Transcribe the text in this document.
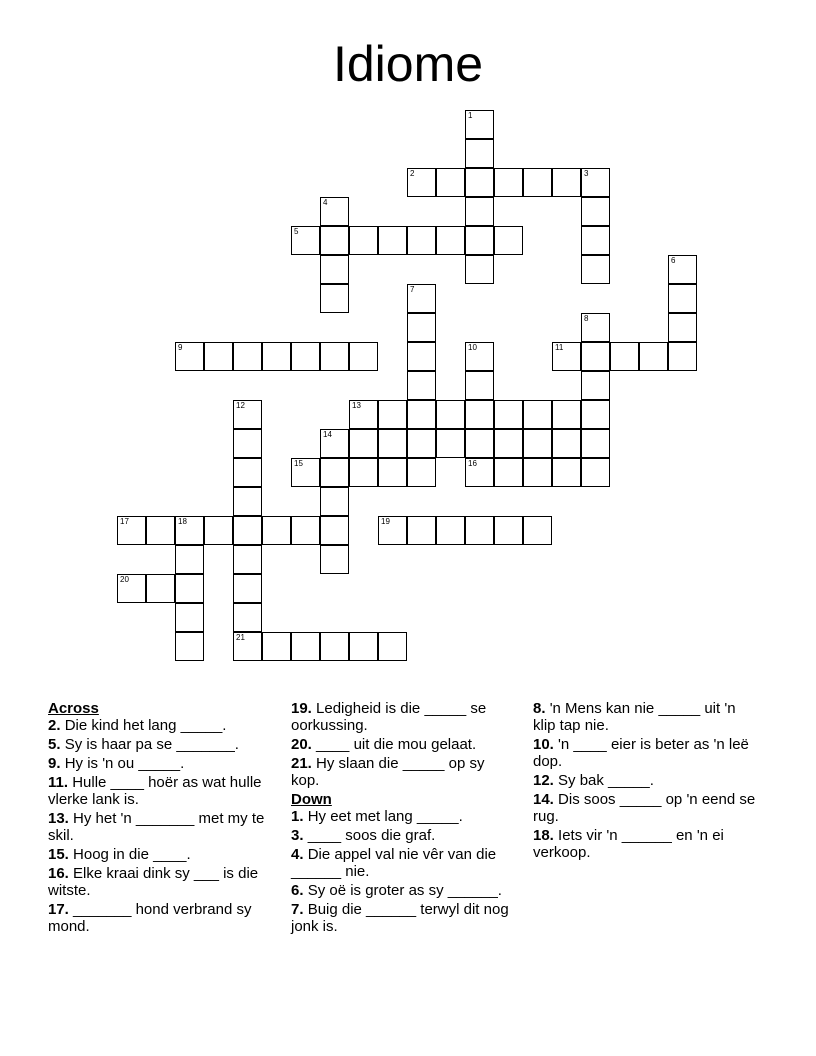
Idiome
1
2	3
4
5
6
7
8
9	10
16
11
12
21
13
14
15
17	18	19
20
Across
2. Die kind het lang _____.
5. Sy is haar pa se _______.
9. Hy is 'n ou _____.
11. Hulle ____ hoër as wat hulle vlerke lank is.
13. Hy het 'n _______ met my te skil.
15. Hoog in die ____.
16. Elke kraai dink sy ___ is die witste.
17. _______ hond verbrand sy mond.
19. Ledigheid is die _____ se oorkussing.
20. ____ uit die mou gelaat.
21. Hy slaan die _____ op sy kop.
Down
1. Hy eet met lang _____.
3. ____ soos die graf.
4. Die appel val nie vêr van die ______ nie.
6. Sy oë is groter as sy ______.
7. Buig die ______ terwyl dit nog jonk is.
8. 'n Mens kan nie _____ uit 'n klip tap nie.
10. 'n ____ eier is beter as 'n leë dop.
12. Sy bak _____.
14. Dis soos _____ op 'n eend se rug.
18. Iets vir 'n ______ en 'n ei verkoop.
